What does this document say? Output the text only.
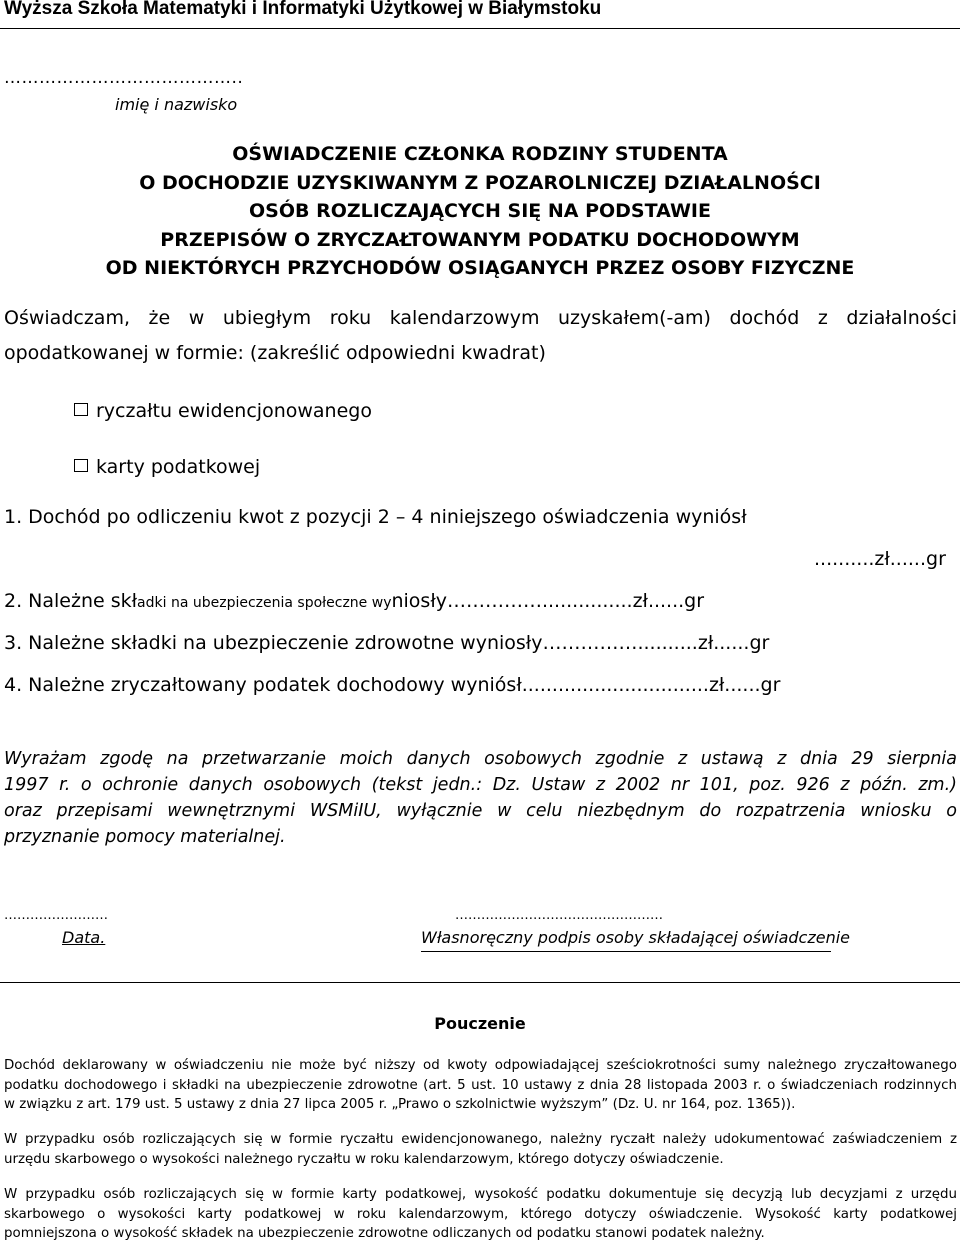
Wyższa Szkoła Matematyki i Informatyki Użytkowej w Białymstoku
…………………………………..
imię i nazwisko
OŚWIADCZENIE CZŁONKA RODZINY STUDENTA
O DOCHODZIE UZYSKIWANYM Z POZAROLNICZEJ DZIAŁALNOŚCI
OSÓB ROZLICZAJĄCYCH SIĘ NA PODSTAWIE
PRZEPISÓW O ZRYCZAŁTOWANYM PODATKU DOCHODOWYM
OD NIEKTÓRYCH PRZYCHODÓW OSIĄGANYCH PRZEZ OSOBY FIZYCZNE
Oświadczam, że w ubiegłym roku kalendarzowym uzyskałem(-am) dochód z działalności
opodatkowanej w formie: (zakreślić odpowiedni kwadrat)
ryczałtu ewidencjonowanego
karty podatkowej
1. Dochód po odliczeniu kwot z pozycji 2 – 4 niniejszego oświadczenia wyniósł
..........zł......gr
2. Należne składki na ubezpieczenia społeczne wyniosły……………...............zł......gr
3. Należne składki na ubezpieczenie zdrowotne wyniosły……………..........zł......gr
4. Należne zryczałtowany podatek dochodowy wyniósł...............................zł......gr
Wyrażam zgodę na przetwarzanie moich danych osobowych zgodnie z ustawą z dnia 29 sierpnia
1997 r. o ochronie danych osobowych (tekst jedn.: Dz. Ustaw z 2002 nr 101, poz. 926 z późn. zm.)
oraz przepisami wewnętrznymi WSMiIU, wyłącznie w celu niezbędnym do rozpatrzenia wniosku o
przyznanie pomocy materialnej.
……………………	…………………………………………
Data.	Własnoręczny podpis osoby składającej oświadczenie
Pouczenie
Dochód deklarowany w oświadczeniu nie może być niższy od kwoty odpowiadającej sześciokrotności sumy należnego zryczałtowanego
podatku dochodowego i składki na ubezpieczenie zdrowotne (art. 5 ust. 10 ustawy z dnia 28 listopada 2003 r. o świadczeniach rodzinnych
w związku z art. 179 ust. 5 ustawy z dnia 27 lipca 2005 r. „Prawo o szkolnictwie wyższym” (Dz. U. nr 164, poz. 1365)).
W przypadku osób rozliczających się w formie ryczałtu ewidencjonowanego, należny ryczałt należy udokumentować zaświadczeniem z
urzędu skarbowego o wysokości należnego ryczałtu w roku kalendarzowym, którego dotyczy oświadczenie.
W przypadku osób rozliczających się w formie karty podatkowej, wysokość podatku dokumentuje się decyzją lub decyzjami z urzędu
skarbowego o wysokości karty podatkowej w roku kalendarzowym, którego dotyczy oświadczenie. Wysokość karty podatkowej
pomniejszona o wysokość składek na ubezpieczenie zdrowotne odliczanych od podatku stanowi podatek należny.
